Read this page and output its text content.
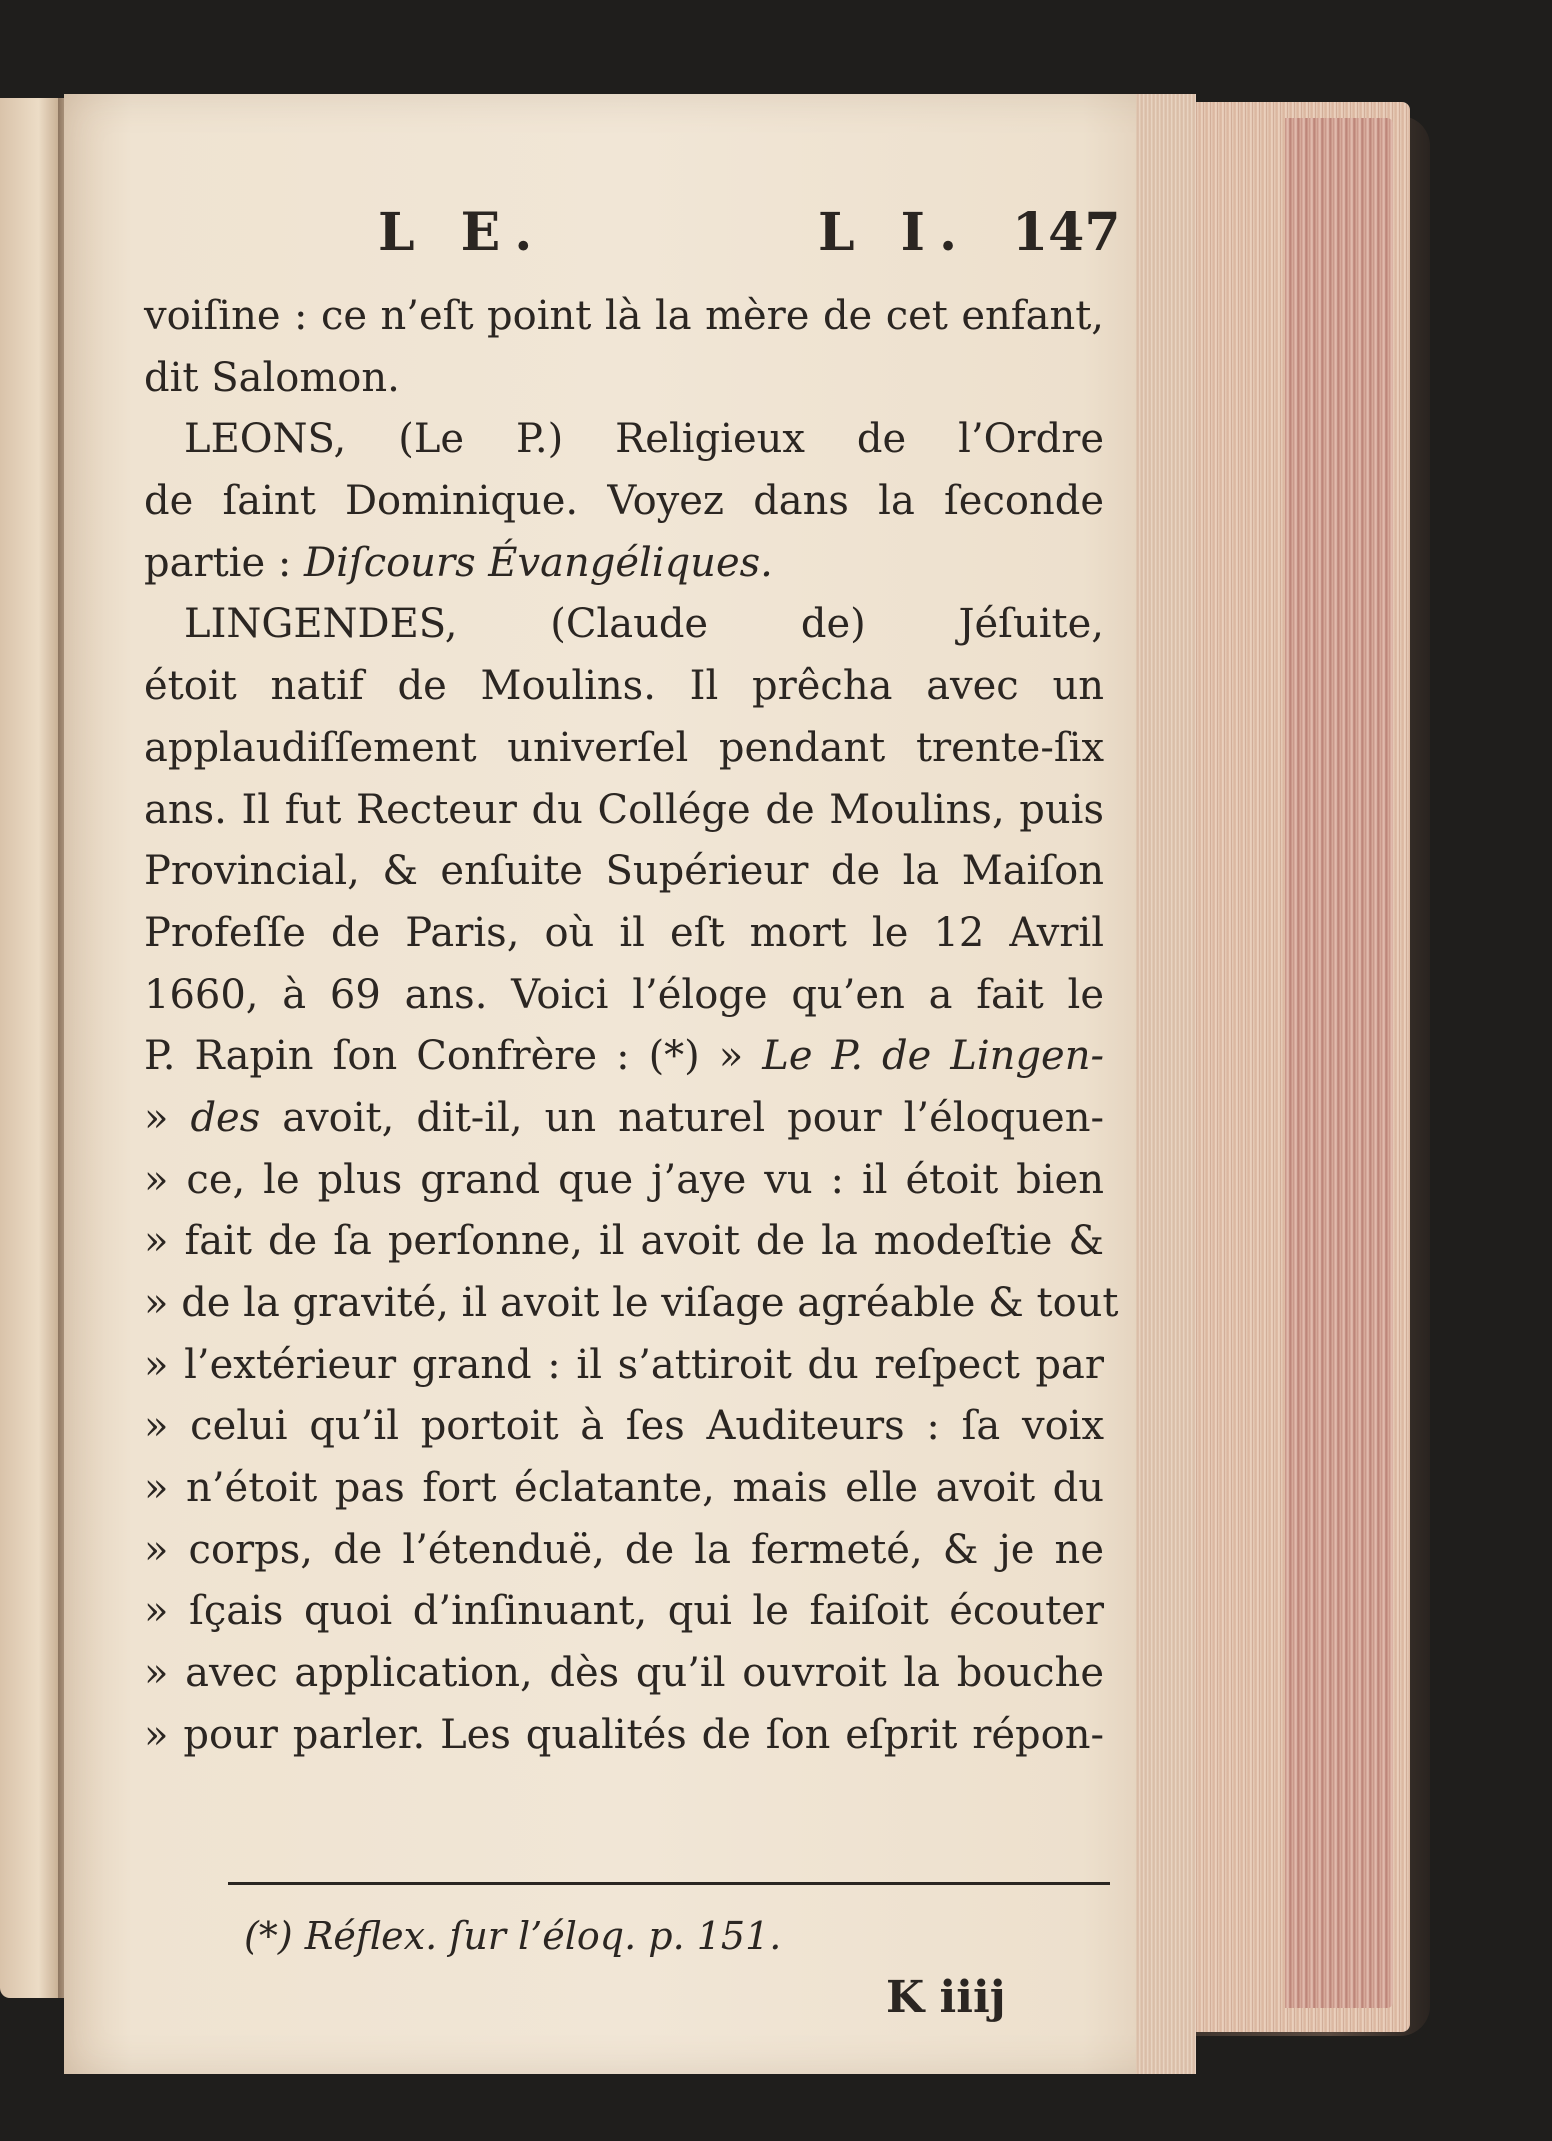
L E.	L I. 147
voiſine : ce n’eſt point là la mère de cet enfant,
dit Salomon.
LEONS, (Le P.) Religieux de l’Ordre
de ſaint Dominique. Voyez dans la ſeconde
partie : Diſcours Évangéliques.
LINGENDES, (Claude de) Jéſuite,
étoit natif de Moulins. Il prêcha avec un
applaudiſſement univerſel pendant trente-ſix
ans. Il fut Recteur du Collége de Moulins, puis
Provincial, & enſuite Supérieur de la Maiſon
Profeſſe de Paris, où il eſt mort le 12 Avril
1660, à 69 ans. Voici l’éloge qu’en a fait le
P. Rapin ſon Confrère : (*) » Le P. de Lingen-
» des avoit, dit-il, un naturel pour l’éloquen-
» ce, le plus grand que j’aye vu : il étoit bien
» fait de ſa perſonne, il avoit de la modeſtie &
» de la gravité, il avoit le viſage agréable & tout
» l’extérieur grand : il s’attiroit du reſpect par
» celui qu’il portoit à ſes Auditeurs : ſa voix
» n’étoit pas fort éclatante, mais elle avoit du
» corps, de l’étenduë, de la fermeté, & je ne
» ſçais quoi d’inſinuant, qui le faiſoit écouter
» avec application, dès qu’il ouvroit la bouche
» pour parler. Les qualités de ſon eſprit répon-
(*) Réflex. ſur l’éloq. p. 151.
K iiij
